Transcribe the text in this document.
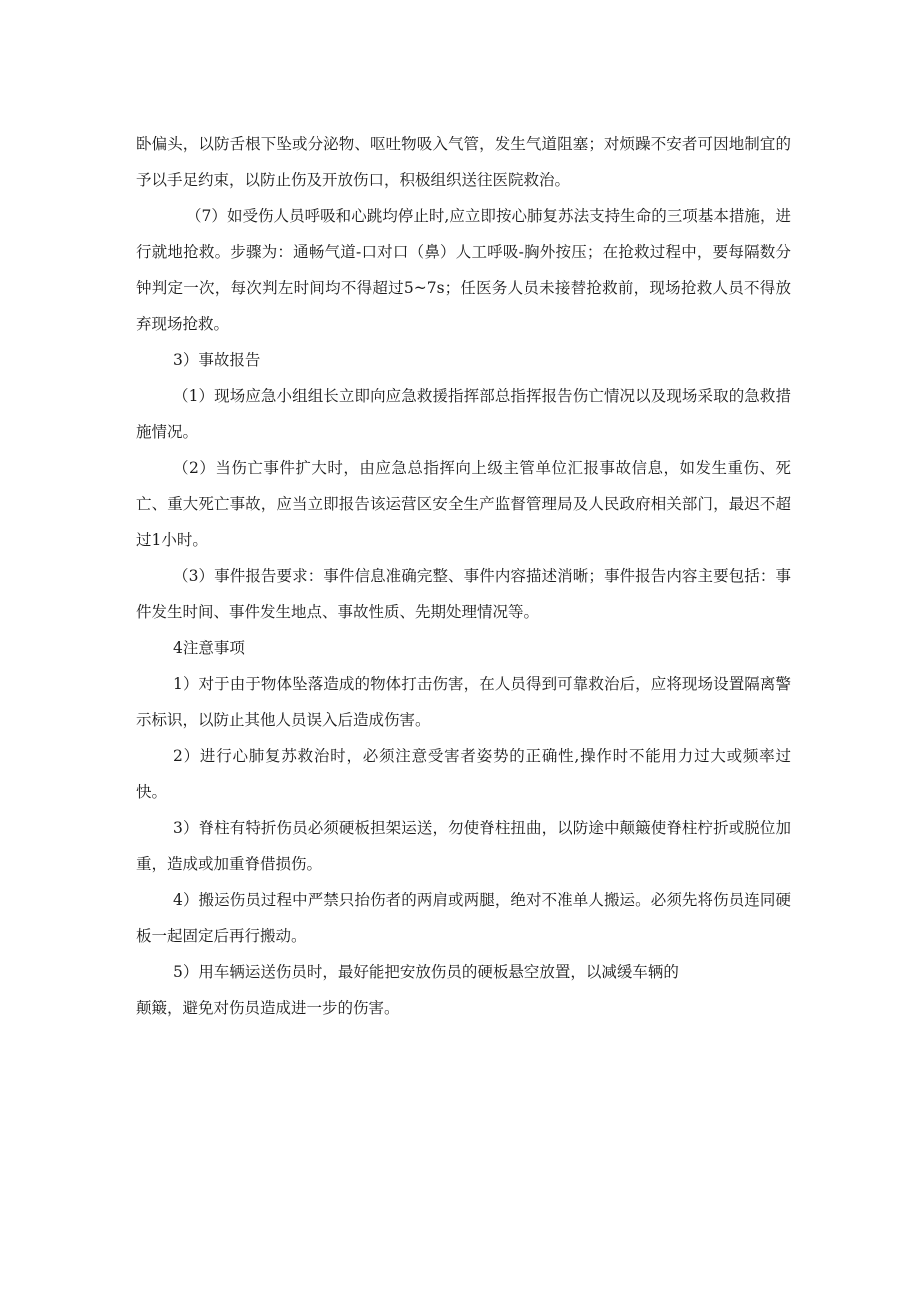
卧偏头，以防舌根下坠或分泌物、呕吐物吸入气管，发生气道阻塞；对烦躁不安者可因地制宜的予以手足约束，以防止伤及开放伤口，积极组织送往医院救治。

（7）如受伤人员呼吸和心跳均停止时,应立即按心肺复苏法支持生命的三项基本措施，进行就地抢救。步骤为：通畅气道-口对口（鼻）人工呼吸-胸外按压；在抢救过程中，要每隔数分钟判定一次，每次判左时间均不得超过5~7s；任医务人员未接替抢救前，现场抢救人员不得放弃现场抢救。

3）事故报告

（1）现场应急小组组长立即向应急救援指挥部总指挥报告伤亡情况以及现场采取的急救措施情况。

（2）当伤亡事件扩大时，由应急总指挥向上级主管单位汇报事故信息，如发生重伤、死亡、重大死亡事故，应当立即报告该运营区安全生产监督管理局及人民政府相关部门，最迟不超过1小时。

（3）事件报告要求：事件信息准确完整、事件内容描述消晰；事件报告内容主要包括：事件发生时间、事件发生地点、事故性质、先期处理情况等。

4注意事项

1）对于由于物体坠落造成的物体打击伤害，在人员得到可靠救治后，应将现场设置隔离警示标识，以防止其他人员误入后造成伤害。

2）进行心肺复苏救治时，必须注意受害者姿势的正确性,操作时不能用力过大或频率过快。

3）脊柱有特折伤员必须硬板担架运送，勿使脊柱扭曲，以防途中颠簸使脊柱柠折或脱位加重，造成或加重脊借损伤。

4）搬运伤员过程中严禁只抬伤者的两肩或两腿，绝对不准单人搬运。必须先将伤员连同硬板一起固定后再行搬动。

5）用车辆运送伤员时，最好能把安放伤员的硬板悬空放置，以减缓车辆的

颠簸，避免对伤员造成进一步的伤害。
